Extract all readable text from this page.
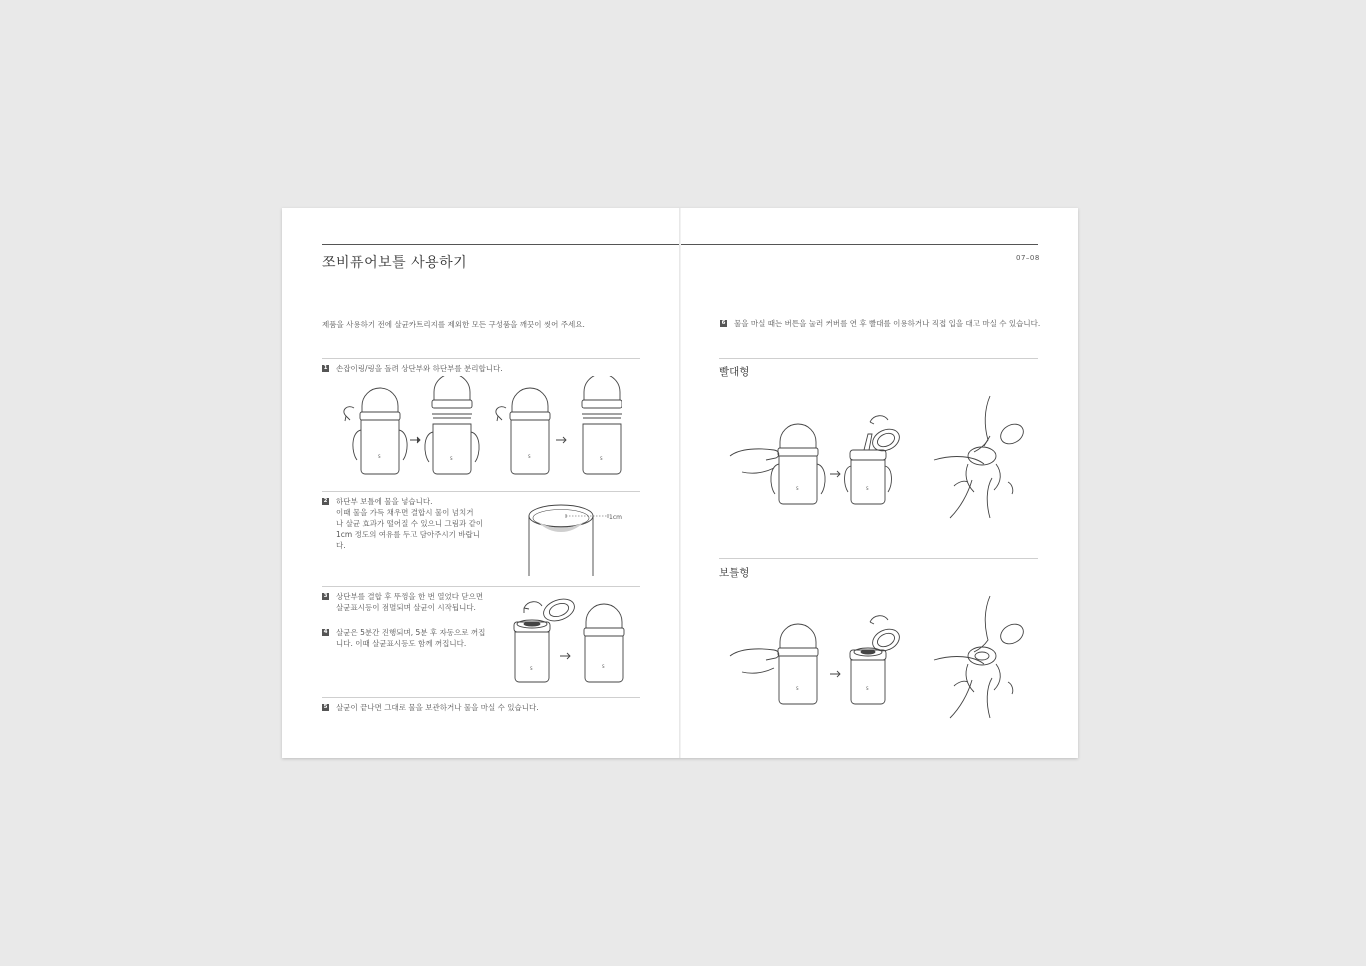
쪼비퓨어보틀 사용하기
제품을 사용하기 전에 살균카트리지를 제외한 모든 구성품을 깨끗이 씻어 주세요.
1 손잡이링/링을 돌려 상단부와 하단부를 분리합니다.
S	S	S	S
2 하단부 보틀에 물을 넣습니다.
이때 물을 가득 채우면 결합시 물이 넘치거
나 살균 효과가 떨어질 수 있으니 그림과 같이
1cm 정도의 여유를 두고 담아주시기 바랍니
다.
1cm
3 상단부를 결합 후 뚜껑을 한 번 열었다 닫으면
살균표시등이 점멸되며 살균이 시작됩니다.
4 살균은 5분간 진행되며, 5분 후 자동으로 꺼집
니다. 이때 살균표시등도 함께 꺼집니다.
S	S
5 살균이 끝나면 그대로 물을 보관하거나 물을 마실 수 있습니다.
07–08
6 물을 마실 때는 버튼을 눌러 커버를 연 후 빨대를 이용하거나 직접 입을 대고 마실 수 있습니다.
빨대형
S	S
보틀형
S	S
